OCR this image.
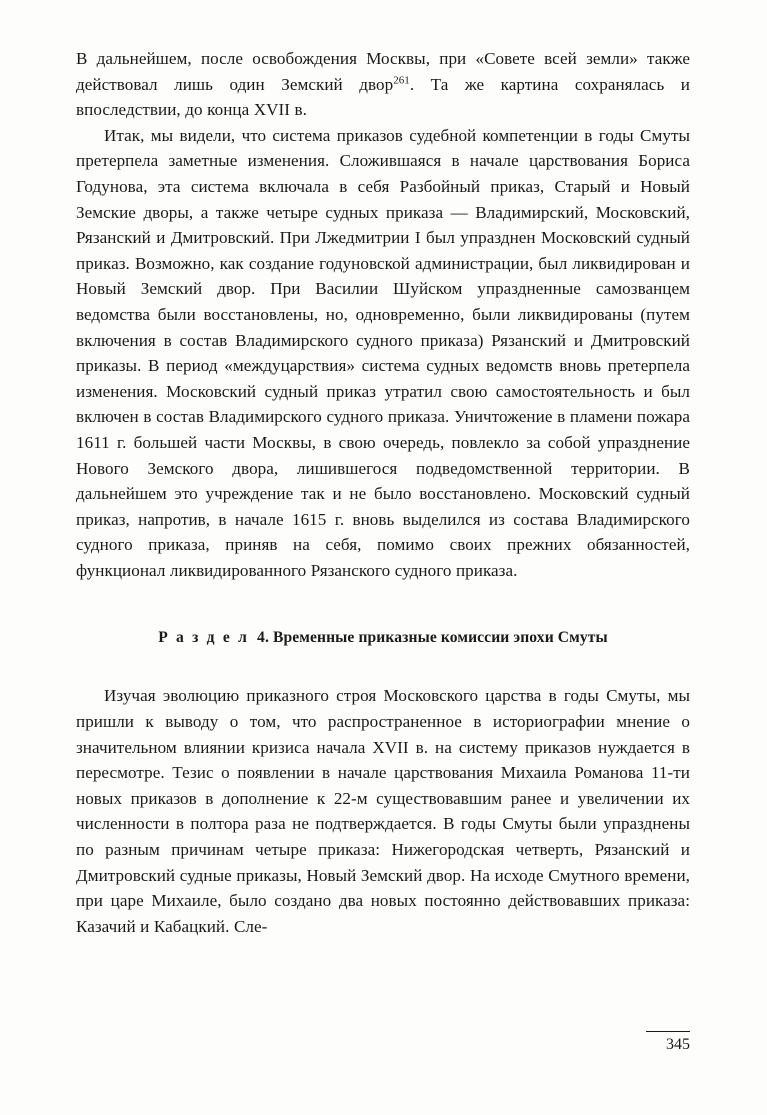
В дальнейшем, после освобождения Москвы, при «Совете всей земли» также действовал лишь один Земский двор$^{261}$. Та же картина сохранялась и впоследствии, до конца XVII в.

Итак, мы видели, что система приказов судебной компетенции в годы Смуты претерпела заметные изменения. Сложившаяся в начале царствования Бориса Годунова, эта система включала в себя Разбойный приказ, Старый и Новый Земские дворы, а также четыре судных приказа — Владимирский, Московский, Рязанский и Дмитровский. При Лжедмитрии I был упразднен Московский судный приказ. Возможно, как создание годуновской администрации, был ликвидирован и Новый Земский двор. При Василии Шуйском упраздненные самозванцем ведомства были восстановлены, но, одновременно, были ликвидированы (путем включения в состав Владимирского судного приказа) Рязанский и Дмитровский приказы. В период «междуцарствия» система судных ведомств вновь претерпела изменения. Московский судный приказ утратил свою самостоятельность и был включен в состав Владимирского судного приказа. Уничтожение в пламени пожара 1611 г. большей части Москвы, в свою очередь, повлекло за собой упразднение Нового Земского двора, лишившегося подведомственной территории. В дальнейшем это учреждение так и не было восстановлено. Московский судный приказ, напротив, в начале 1615 г. вновь выделился из состава Владимирского судного приказа, приняв на себя, помимо своих прежних обязанностей, функционал ликвидированного Рязанского судного приказа.

Р а з д е л 4. Временные приказные комиссии эпохи Смуты

Изучая эволюцию приказного строя Московского царства в годы Смуты, мы пришли к выводу о том, что распространенное в историографии мнение о значительном влиянии кризиса начала XVII в. на систему приказов нуждается в пересмотре. Тезис о появлении в начале царствования Михаила Романова 11-ти новых приказов в дополнение к 22-м существовавшим ранее и увеличении их численности в полтора раза не подтверждается. В годы Смуты были упразднены по разным причинам четыре приказа: Нижегородская четверть, Рязанский и Дмитровский судные приказы, Новый Земский двор. На исходе Смутного времени, при царе Михаиле, было создано два новых постоянно действовавших приказа: Казачий и Кабацкий. Сле-

345
